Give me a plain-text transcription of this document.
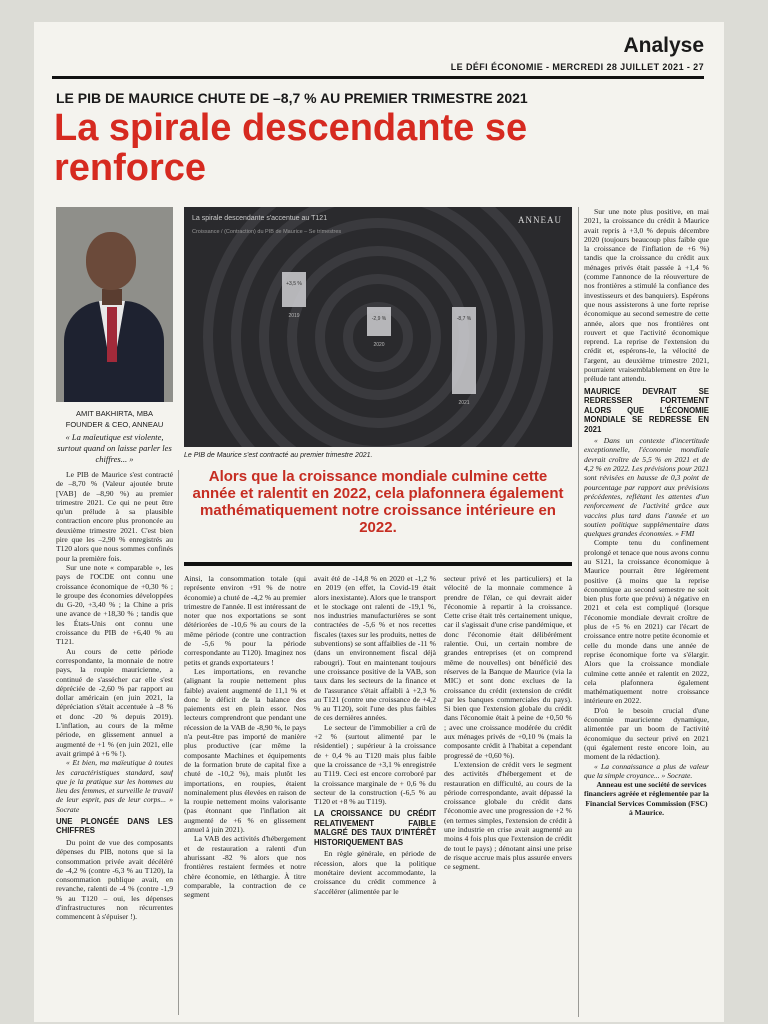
Analyse
LE DÉFI ÉCONOMIE - MERCREDI 28 JUILLET 2021 - 27
LE PIB DE MAURICE CHUTE DE –8,7 % AU PREMIER TRIMESTRE 2021
La spirale descendante se renforce
AMIT BAKHIRTA, MBA
FOUNDER & CEO, ANNEAU
« La maïeutique est violente, surtout quand on laisse parler les chiffres... »
+3,5 %
2019	-2,9 %
2020
-8,7 %
2021
La spirale descendante s'accentue au T121
Croissance / (Contraction) du PIB de Maurice – Se trimestres
ANNEAU
Le PIB de Maurice s'est contracté au premier trimestre 2021.
Alors que la croissance mondiale culmine cette année et ralentit en 2022, cela plafonnera également mathématiquement notre croissance intérieure en 2022.

Le PIB de Maurice s'est contracté de –8,70 % (Valeur ajoutée brute [VAB] de –8,90 %) au premier trimestre 2021. Ce qui ne peut être qu'un prélude à sa plausible contraction encore plus prononcée au deuxième trimestre 2021. C'est bien pire que les –2,90 % enregistrés au T120 alors que nous sommes confinés pour la première fois.

Sur une note « comparable », les pays de l'OCDE ont connu une croissance économique de +0,30 % ; le groupe des économies développées du G-20, +3,40 % ; la Chine a pris une avance de +18,30 % ; tandis que les États-Unis ont connu une croissance du PIB de +6,40 % au T121.

Au cours de cette période correspondante, la monnaie de notre pays, la roupie mauricienne, a continué de s'assécher car elle s'est dépréciée de -2,60 % par rapport au dollar américain (en juin 2021, la dépréciation s'était accentuée à –8 % et donc -20 % depuis 2019). L'inflation, au cours de la même période, en glissement annuel a augmenté de +1 % (en juin 2021, elle avait grimpé à +6 % !).

« Et bien, ma maïeutique à toutes les caractéristiques standard, sauf que je la pratique sur les hommes au lieu des femmes, et surveille le travail de leur esprit, pas de leur corps... » Socrate

UNE PLONGÉE DANS LES CHIFFRES

Du point de vue des composants dépenses du PIB, notons que si la consommation privée avait décéléré de -4,2 % (contre -6,3 % au T120), la consommation publique avait, en revanche, ralenti de -4 % (contre -1,9 % au T120 – oui, les dépenses d'infrastructures non récurrentes commencent à s'épuiser !).

Ainsi, la consommation totale (qui représente environ +91 % de notre économie) a chuté de -4,2 % au premier trimestre de l'année. Il est intéressant de noter que nos exportations se sont détériorées de -10,6 % au cours de la même période (contre une contraction de -5,6 % pour la période correspondante au T120). Imaginez nos petits et grands exportateurs !

Les importations, en revanche (alignant la roupie nettement plus faible) avaient augmenté de 11,1 % et donc le déficit de la balance des paiements est en plein essor. Nos lecteurs comprendront que pendant une récession de la VAB de -8,90 %, le pays n'a peut-être pas importé de manière plus productive (car même la composante Machines et équipements de la formation brute de capital fixe a chuté de -10,2 %), mais plutôt les importations, en roupies, étaient nominalement plus élevées en raison de la roupie nettement moins valorisante (pas étonnant que l'inflation ait augmenté de +6 % en glissement annuel à juin 2021).

La VAB des activités d'hébergement et de restauration a ralenti d'un ahurissant -82 % alors que nos frontières restaient fermées et notre chère économie, en léthargie. À titre comparable, la contraction de ce segment

avait été de -14,8 % en 2020 et -1,2 % en 2019 (en effet, la Covid-19 était alors inexistante). Alors que le transport et le stockage ont ralenti de -19,1 %, nos industries manufacturières se sont contractées de -5,6 % et nos recettes fiscales (taxes sur les produits, nettes de subventions) se sont affaiblies de -11 % (dans un environnement fiscal déjà rabougri). Tout en maintenant toujours une croissance positive de la VAB, son taux dans les secteurs de la finance et de l'assurance s'était affaibli à +2,3 % au T121 (contre une croissance de +4,2 % au T120), soit l'une des plus faibles de ces dernières années.

Le secteur de l'immobilier a crû de +2 % (surtout alimenté par le résidentiel) ; supérieur à la croissance de + 0,4 % au T120 mais plus faible que la croissance de +3,1 % enregistrée au T119. Ceci est encore corroboré par la croissance marginale de + 0,6 % du secteur de la construction (-6,5 % au T120 et +8 % au T119).

LA CROISSANCE DU CRÉDIT RELATIVEMENT FAIBLE MALGRÉ DES TAUX D'INTÉRÊT HISTORIQUEMENT BAS

En règle générale, en période de récession, alors que la politique monétaire devient accommodante, la croissance du crédit commence à s'accélérer (alimentée par le

secteur privé et les particuliers) et la vélocité de la monnaie commence à prendre de l'élan, ce qui devrait aider l'économie à repartir à la croissance. Cette crise était très certainement unique, car il s'agissait d'une crise pandémique, et donc l'économie était délibérément ralentie. Oui, un certain nombre de grandes entreprises (et on comprend même de nouvelles) ont bénéficié des réserves de la Banque de Maurice (via la MIC) et sont donc exclues de la croissance du crédit (extension de crédit par les banques commerciales du pays). Si bien que l'extension globale du crédit dans l'économie était à peine de +0,50 % ; avec une croissance modérée du crédit aux ménages privés de +0,10 % (mais la composante crédit à l'habitat a cependant progressé de +0,60 %).

L'extension de crédit vers le segment des activités d'hébergement et de restauration en difficulté, au cours de la période correspondante, avait dépassé la croissance globale du crédit dans l'économie avec une progression de +2 % (en termes simples, l'extension de crédit à une industrie en crise avait augmenté au moins 4 fois plus que l'extension de crédit de tout le pays) ; dénotant ainsi une prise de risque accrue mais plus assurée envers ce segment.

Sur une note plus positive, en mai 2021, la croissance du crédit à Maurice avait repris à +3,0 % depuis décembre 2020 (toujours beaucoup plus faible que la croissance de l'inflation de +6 %) tandis que la croissance du crédit aux ménages privés était passée à +1,4 % (comme l'annonce de la réouverture de nos frontières a stimulé la confiance des investisseurs et des banquiers). Espérons que nous assisterons à une forte reprise économique au second semestre de cette année, alors que nos frontières ont rouvert et que l'activité économique reprend. La reprise de l'extension du crédit et, espérons-le, la vélocité de l'argent, au deuxième trimestre 2021, pourraient vraisemblablement en être le prélude tant attendu.

MAURICE DEVRAIT SE REDRESSER FORTEMENT ALORS QUE L'ÉCONOMIE MONDIALE SE REDRESSE EN 2021

« Dans un contexte d'incertitude exceptionnelle, l'économie mondiale devrait croître de 5,5 % en 2021 et de 4,2 % en 2022. Les prévisions pour 2021 sont révisées en hausse de 0,3 point de pourcentage par rapport aux prévisions précédentes, reflétant les attentes d'un renforcement de l'activité grâce aux vaccins plus tard dans l'année et un soutien politique supplémentaire dans quelques grandes économies. » FMI

Compte tenu du confinement prolongé et tenace que nous avons connu au S121, la croissance économique à Maurice pourrait être légèrement positive (à moins que la reprise économique au second semestre ne soit bien plus forte que prévu) à négative en 2021 et cela est compliqué (lorsque l'économie mondiale devrait croître de plus de +5 % en 2021) car l'écart de croissance entre notre petite économie et celle du monde dans une année de reprise économique forte va s'élargir. Alors que la croissance mondiale culmine cette année et ralentit en 2022, cela plafonnera également mathématiquement notre croissance intérieure en 2022.

D'où le besoin crucial d'une économie mauricienne dynamique, alimentée par un boom de l'activité économique du secteur privé en 2021 (qui également reste encore loin, au moment de la rédaction).

« La connaissance a plus de valeur que la simple croyance... » Socrate.

Anneau est une société de services financiers agréée et réglementée par la Financial Services Commission (FSC) à Maurice.
